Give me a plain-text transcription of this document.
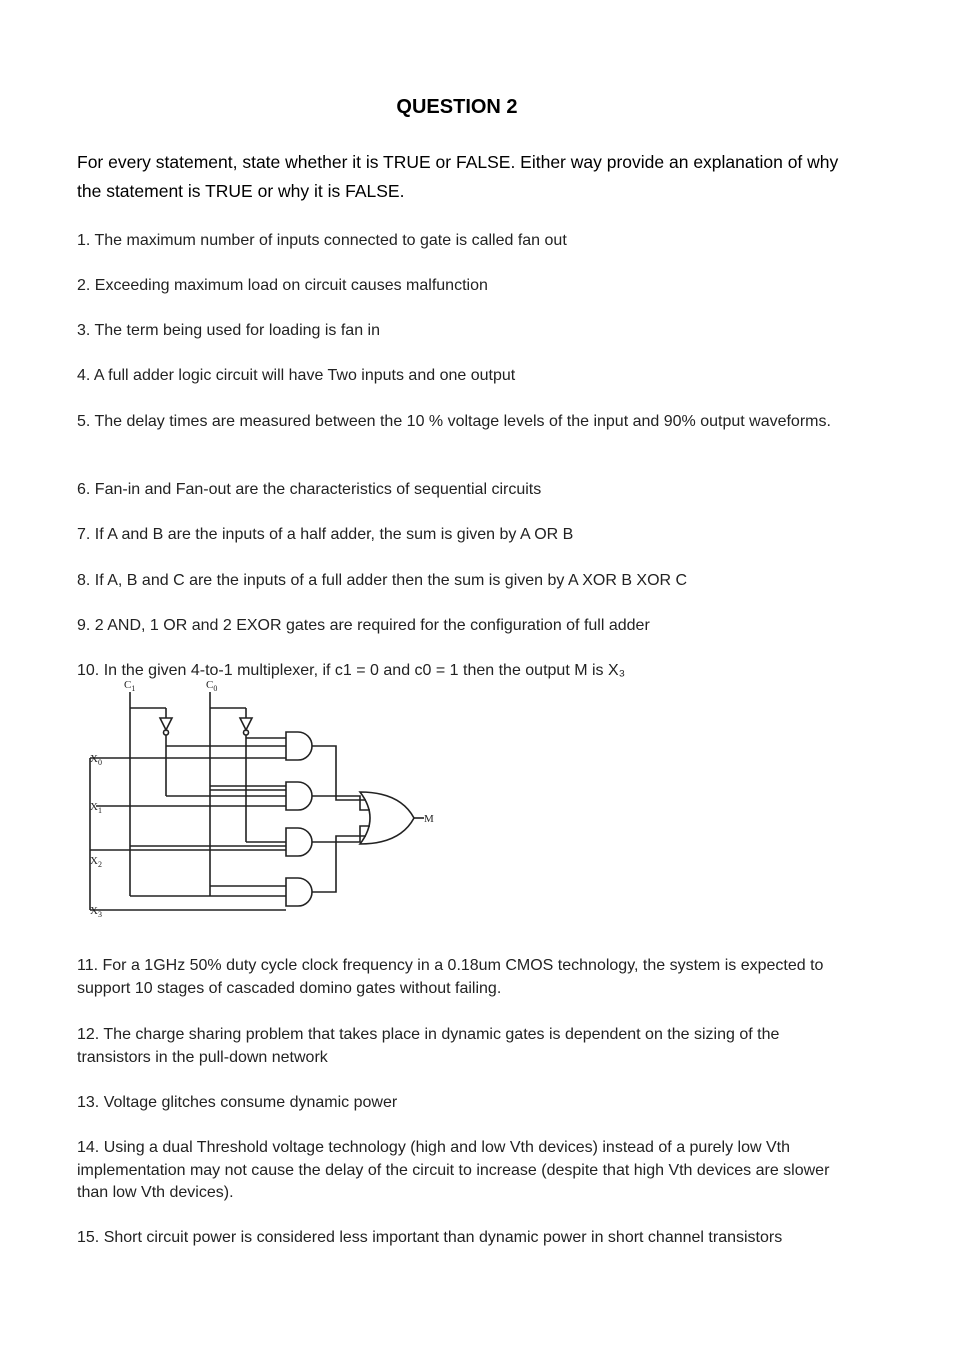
QUESTION 2
For every statement, state whether it is TRUE or FALSE. Either way provide an explanation of why the statement is TRUE or why it is FALSE.
1. The maximum number of inputs connected to gate is called fan out
2. Exceeding maximum load on circuit causes malfunction
3. The term being used for loading is fan in
4. A full adder logic circuit will have Two inputs and one output
5. The delay times are measured between the 10 % voltage levels of the input and 90% output waveforms.
6. Fan-in and Fan-out are the characteristics of sequential circuits
7. If A and B are the inputs of a half adder, the sum is given by A OR B
8. If A, B and C are the inputs of a full adder then the sum is given by A XOR B XOR C
9. 2 AND, 1 OR and 2 EXOR gates are required for the configuration of full adder
10. In the given 4-to-1 multiplexer, if c1 = 0 and c0 = 1 then the output M is X₃
$C_1$	$C_0$
$X_0$
$X_1$
$X_2$
$X_3$
M
11. For a 1GHz 50% duty cycle clock frequency in a 0.18um CMOS technology, the system is expected to support 10 stages of cascaded domino gates without failing.
12. The charge sharing problem that takes place in dynamic gates is dependent on the sizing of the transistors in the pull-down network
13. Voltage glitches consume dynamic power
14. Using a dual Threshold voltage technology (high and low Vth devices) instead of a purely low Vth implementation may not cause the delay of the circuit to increase (despite that high Vth devices are slower than low Vth devices).
15. Short circuit power is considered less important than dynamic power in short channel transistors
